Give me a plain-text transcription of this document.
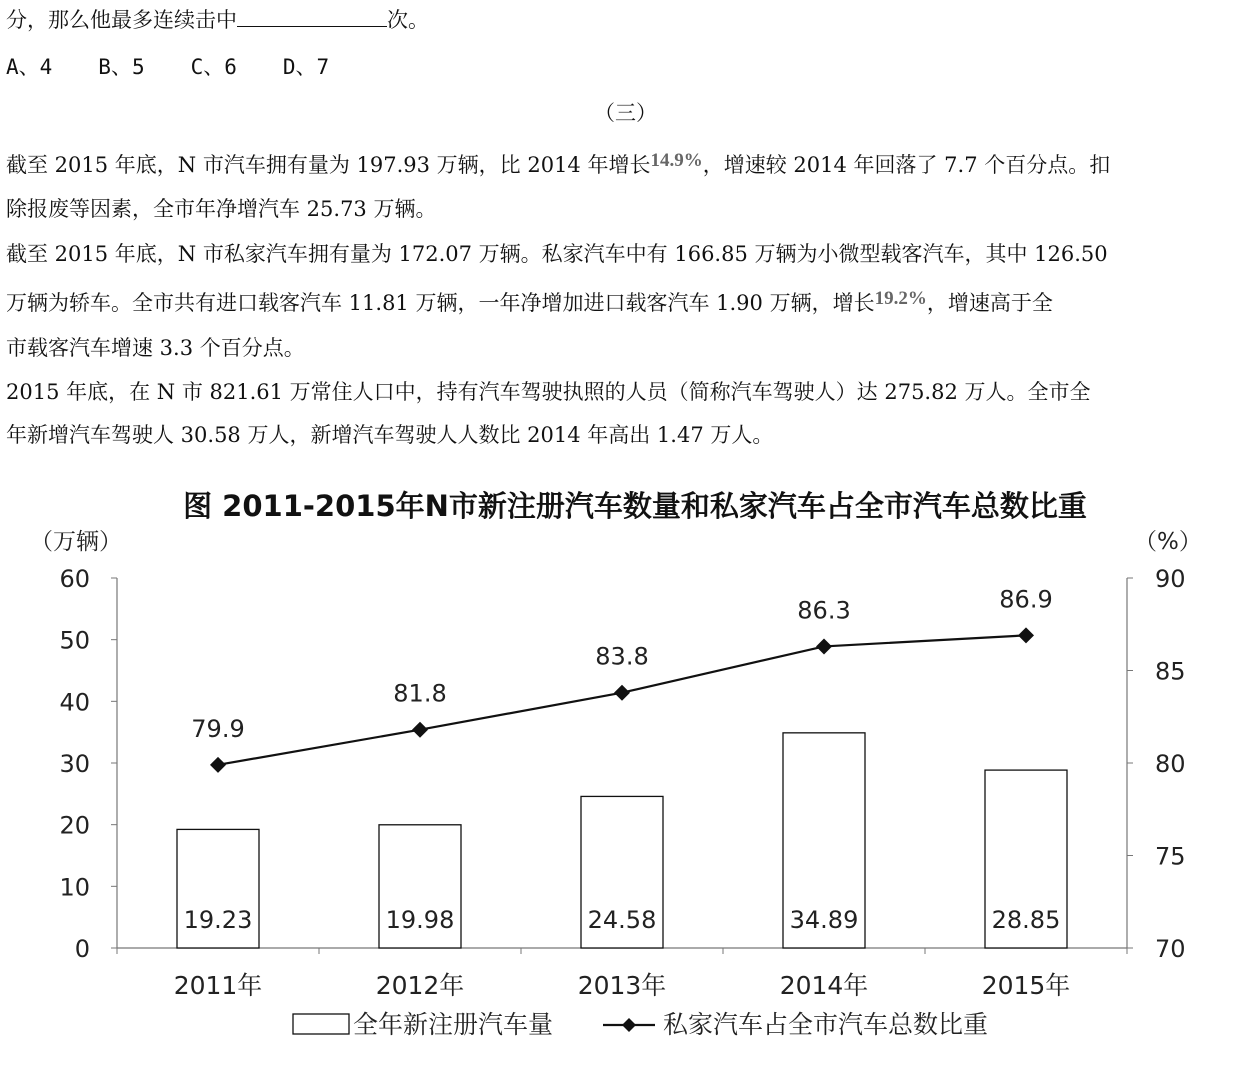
分，那么他最多连续击中	次。
A、4 B、5 C、6 D、7
（三）
截至 2015 年底，N 市汽车拥有量为 197.93 万辆，比 2014 年增长14.9%，增速较 2014 年回落了 7.7 个百分点。扣
除报废等因素，全市年净增汽车 25.73 万辆。
截至 2015 年底，N 市私家汽车拥有量为 172.07 万辆。私家汽车中有 166.85 万辆为小微型载客汽车，其中 126.50
万辆为轿车。全市共有进口载客汽车 11.81 万辆，一年净增加进口载客汽车 1.90 万辆，增长19.2%，增速高于全
市载客汽车增速 3.3 个百分点。
2015 年底，在 N 市 821.61 万常住人口中，持有汽车驾驶执照的人员（简称汽车驾驶人）达 275.82 万人。全市全
年新增汽车驾驶人 30.58 万人，新增汽车驾驶人人数比 2014 年高出 1.47 万人。
图 2011-2015年N市新注册汽车数量和私家汽车占全市汽车总数比重
（万辆）	（%）
0
10
20
30
40
50
60
70
75
80
85
90
2011年	2012年	2013年	2014年	2015年
19.23	19.98	24.58	34.89	28.85
79.9
81.8
83.8
86.3	86.9
全年新注册汽车量	私家汽车占全市汽车总数比重
